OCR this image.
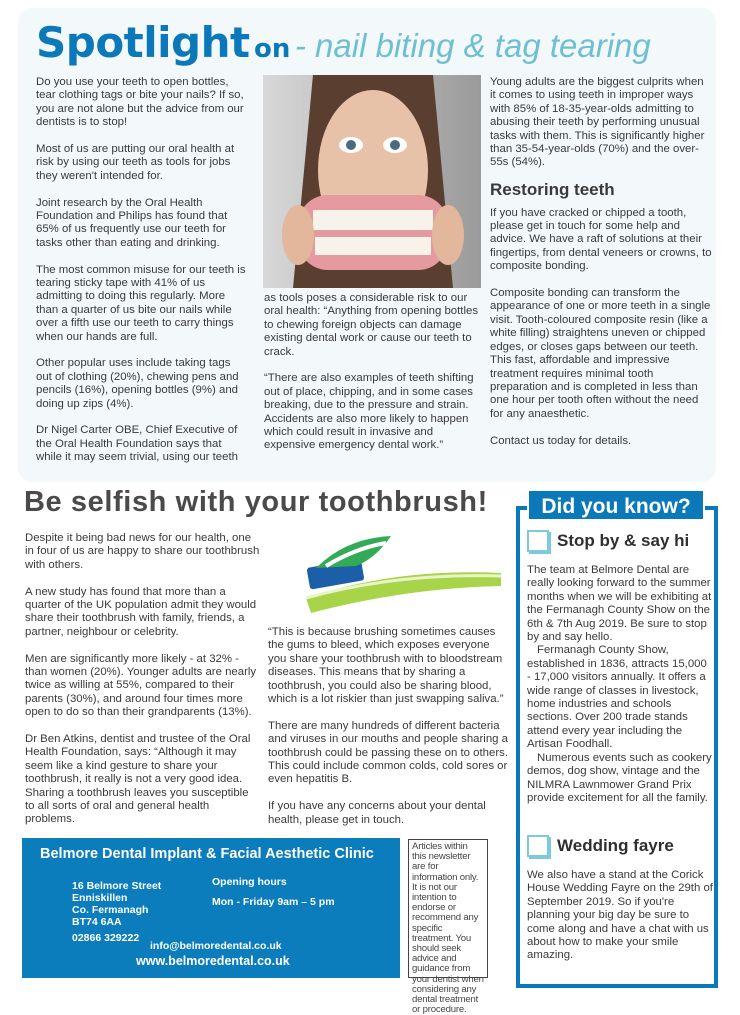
Spotlight on - nail biting & tag tearing

Do you use your teeth to open bottles, tear clothing tags or bite your nails? If so, you are not alone but the advice from our dentists is to stop!

Most of us are putting our oral health at risk by using our teeth as tools for jobs they weren't intended for.

Joint research by the Oral Health Foundation and Philips has found that 65% of us frequently use our teeth for tasks other than eating and drinking.

The most common misuse for our teeth is tearing sticky tape with 41% of us admitting to doing this regularly. More than a quarter of us bite our nails while over a fifth use our teeth to carry things when our hands are full.

Other popular uses include taking tags out of clothing (20%), chewing pens and pencils (16%), opening bottles (9%) and doing up zips (4%).

Dr Nigel Carter OBE, Chief Executive of the Oral Health Foundation says that while it may seem trivial, using our teeth

as tools poses a considerable risk to our oral health: “Anything from opening bottles to chewing foreign objects can damage existing dental work or cause our teeth to crack.

“There are also examples of teeth shifting out of place, chipping, and in some cases breaking, due to the pressure and strain. Accidents are also more likely to happen which could result in invasive and expensive emergency dental work.”

Young adults are the biggest culprits when it comes to using teeth in improper ways with 85% of 18-35-year-olds admitting to abusing their teeth by performing unusual tasks with them. This is significantly higher than 35-54-year-olds (70%) and the over-55s (54%).

Restoring teeth

If you have cracked or chipped a tooth, please get in touch for some help and advice. We have a raft of solutions at their fingertips, from dental veneers or crowns, to composite bonding.

Composite bonding can transform the appearance of one or more teeth in a single visit. Tooth-coloured composite resin (like a white filling) straightens uneven or chipped edges, or closes gaps between our teeth. This fast, affordable and impressive treatment requires minimal tooth preparation and is completed in less than one hour per tooth often without the need for any anaesthetic.

Contact us today for details.

Be selfish with your toothbrush!

Despite it being bad news for our health, one in four of us are happy to share our toothbrush with others.

A new study has found that more than a quarter of the UK population admit they would share their toothbrush with family, friends, a partner, neighbour or celebrity.

Men are significantly more likely - at 32% - than women (20%). Younger adults are nearly twice as willing at 55%, compared to their parents (30%), and around four times more open to do so than their grandparents (13%).

Dr Ben Atkins, dentist and trustee of the Oral Health Foundation, says: “Although it may seem like a kind gesture to share your toothbrush, it really is not a very good idea. Sharing a toothbrush leaves you susceptible to all sorts of oral and general health problems.

“This is because brushing sometimes causes the gums to bleed, which exposes everyone you share your toothbrush with to bloodstream diseases. This means that by sharing a toothbrush, you could also be sharing blood, which is a lot riskier than just swapping saliva.”

There are many hundreds of different bacteria and viruses in our mouths and people sharing a toothbrush could be passing these on to others. This could include common colds, cold sores or even hepatitis B.

If you have any concerns about your dental health, please get in touch.

Did you know?
Stop by & say hi
The team at Belmore Dental are really looking forward to the summer months when we will be exhibiting at the Fermanagh County Show on the 6th & 7th Aug 2019. Be sure to stop by and say hello.
Fermanagh County Show, established in 1836, attracts 15,000 - 17,000 visitors annually. It offers a wide range of classes in livestock, home industries and schools sections. Over 200 trade stands attend every year including the Artisan Foodhall.
Numerous events such as cookery demos, dog show, vintage and the NILMRA Lawnmower Grand Prix provide excitement for all the family.
Wedding fayre
We also have a stand at the Corick House Wedding Fayre on the 29th of September 2019. So if you're planning your big day be sure to come along and have a chat with us about how to make your smile amazing.
Belmore Dental Implant & Facial Aesthetic Clinic
16 Belmore Street
Enniskillen
Co. Fermanagh
BT74 6AA
02866 329222
Opening hours
Mon - Friday 9am – 5 pm
info@belmoredental.co.uk
www.belmoredental.co.uk
Articles within this newsletter are for information only. It is not our intention to endorse or recommend any specific treatment. You should seek advice and guidance from your dentist when considering any dental treatment or procedure.
